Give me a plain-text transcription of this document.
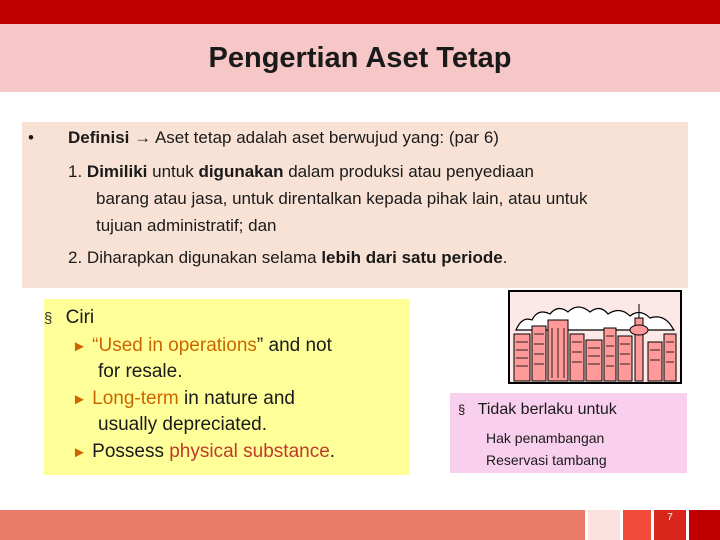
Pengertian Aset Tetap
• Definisi → Aset tetap adalah aset berwujud yang: (par 6)
1. Dimiliki untuk digunakan dalam produksi atau penyediaan
barang atau jasa, untuk direntalkan kepada pihak lain, atau untuk
tujuan administratif; dan
2. Diharapkan digunakan selama lebih dari satu periode.
§ Ciri
► “Used in operations” and not
for resale.
► Long-term in nature and
usually depreciated.
► Possess physical substance.
§ Tidak berlaku untuk
Hak penambangan
Reservasi tambang
7
